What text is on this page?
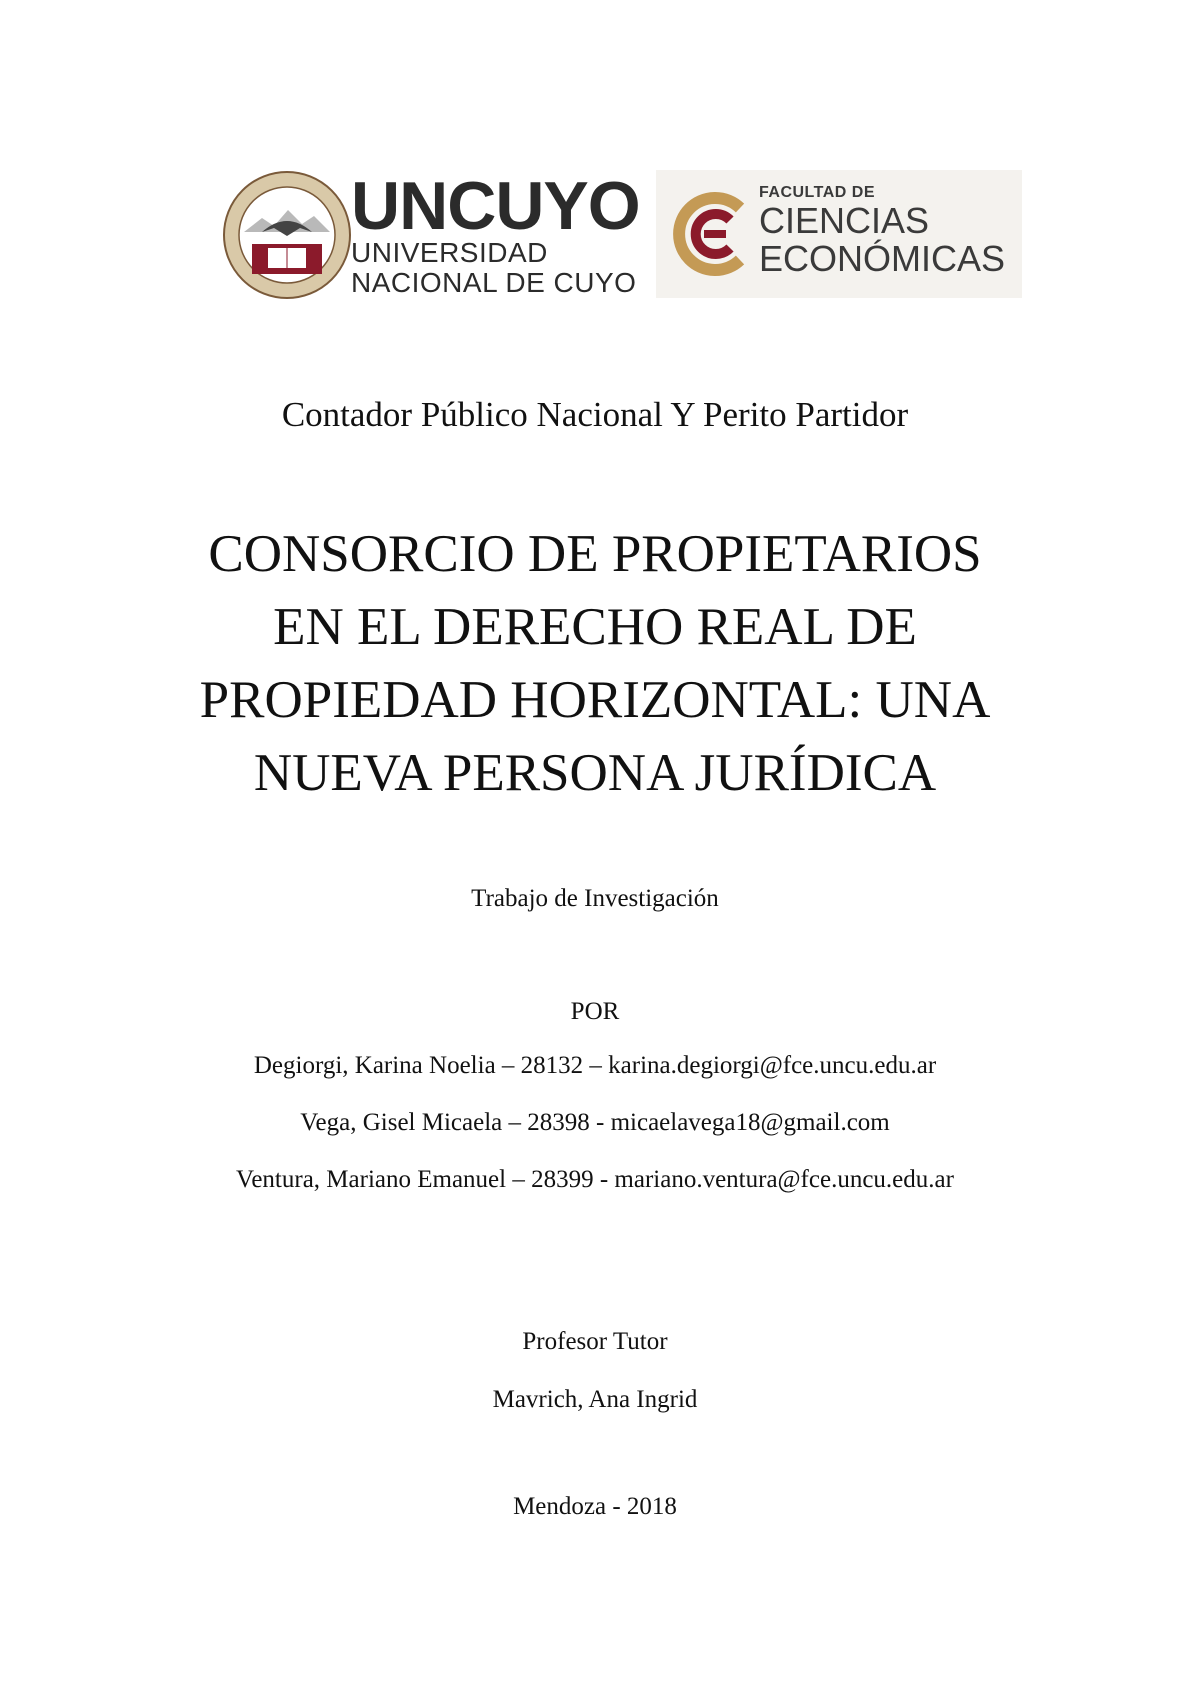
UNCUYO

UNIVERSIDAD

NACIONAL DE CUYO

FACULTAD DE

CIENCIAS

ECONÓMICAS

Contador Público Nacional Y Perito Partidor
CONSORCIO DE PROPIETARIOS
EN EL DERECHO REAL DE
PROPIEDAD HORIZONTAL: UNA
NUEVA PERSONA JURÍDICA
Trabajo de Investigación
POR
Degiorgi, Karina Noelia – 28132 – karina.degiorgi@fce.uncu.edu.ar
Vega, Gisel Micaela – 28398 - micaelavega18@gmail.com
Ventura, Mariano Emanuel – 28399 - mariano.ventura@fce.uncu.edu.ar
Profesor Tutor
Mavrich, Ana Ingrid
Mendoza - 2018
